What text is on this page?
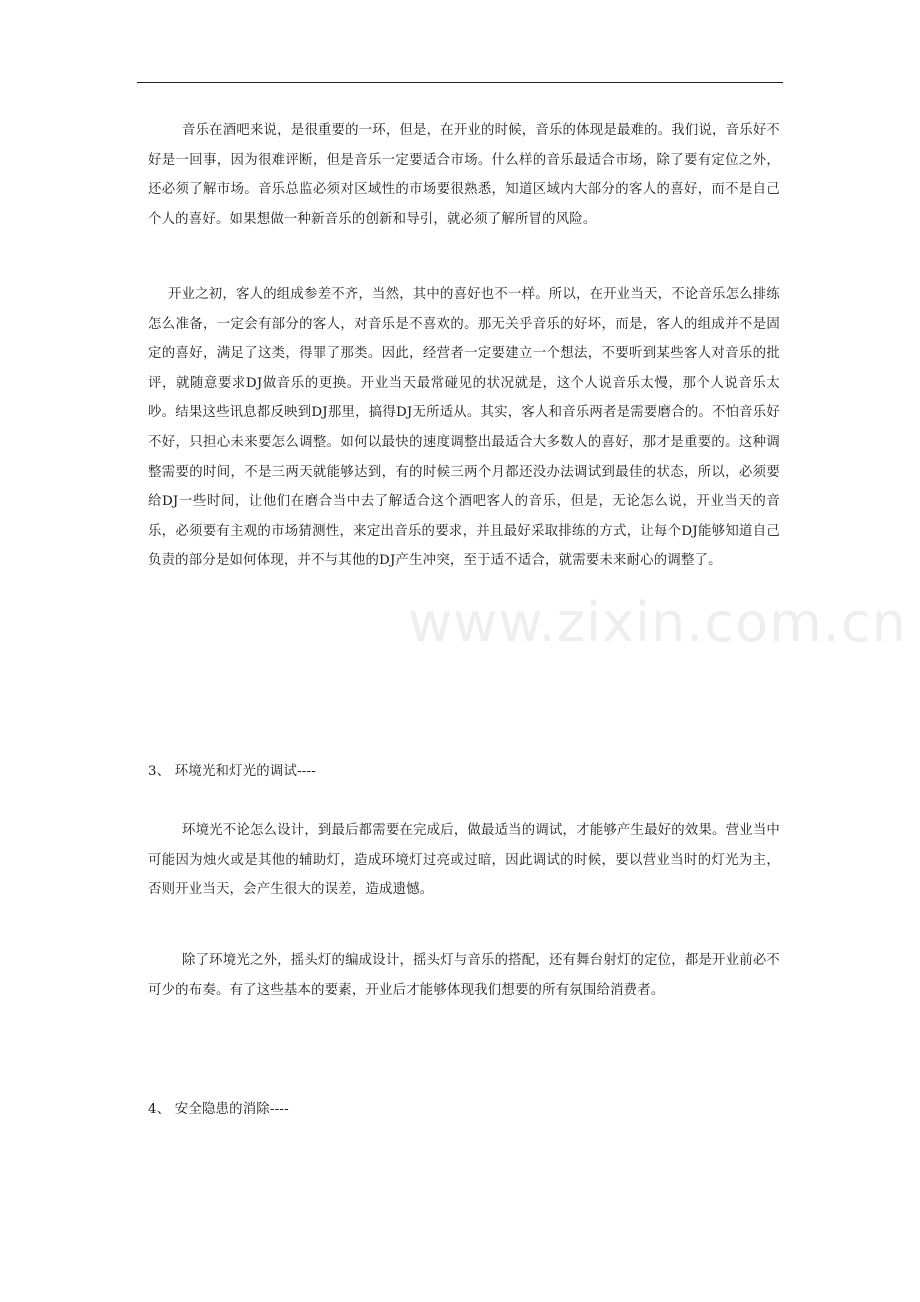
音乐在酒吧来说，是很重要的一环，但是，在开业的时候，音乐的体现是最难的。我们说，音乐好不好是一回事，因为很难评断，但是音乐一定要适合市场。什么样的音乐最适合市场，除了要有定位之外，还必须了解市场。音乐总监必须对区域性的市场要很熟悉，知道区域内大部分的客人的喜好，而不是自己个人的喜好。如果想做一种新音乐的创新和导引，就必须了解所冒的风险。

开业之初，客人的组成参差不齐，当然，其中的喜好也不一样。所以，在开业当天，不论音乐怎么排练怎么准备，一定会有部分的客人，对音乐是不喜欢的。那无关乎音乐的好坏，而是，客人的组成并不是固定的喜好，满足了这类，得罪了那类。因此，经营者一定要建立一个想法，不要听到某些客人对音乐的批评，就随意要求DJ做音乐的更换。开业当天最常碰见的状况就是，这个人说音乐太慢，那个人说音乐太吵。结果这些讯息都反映到DJ那里，搞得DJ无所适从。其实，客人和音乐两者是需要磨合的。不怕音乐好不好，只担心未来要怎么调整。如何以最快的速度调整出最适合大多数人的喜好，那才是重要的。这种调整需要的时间，不是三两天就能够达到，有的时候三两个月都还没办法调试到最佳的状态，所以，必须要给DJ一些时间，让他们在磨合当中去了解适合这个酒吧客人的音乐，但是，无论怎么说，开业当天的音乐，必须要有主观的市场猜测性，来定出音乐的要求，并且最好采取排练的方式，让每个DJ能够知道自己负责的部分是如何体现，并不与其他的DJ产生冲突，至于适不适合，就需要未来耐心的调整了。

www.zixin.com.cn

3、 环境光和灯光的调试----

环境光不论怎么设计，到最后都需要在完成后，做最适当的调试，才能够产生最好的效果。营业当中可能因为烛火或是其他的辅助灯，造成环境灯过亮或过暗，因此调试的时候，要以营业当时的灯光为主，否则开业当天，会产生很大的误差，造成遗憾。

除了环境光之外，摇头灯的编成设计，摇头灯与音乐的搭配，还有舞台射灯的定位，都是开业前必不可少的布奏。有了这些基本的要素，开业后才能够体现我们想要的所有氛围给消费者。

4、 安全隐患的消除----
